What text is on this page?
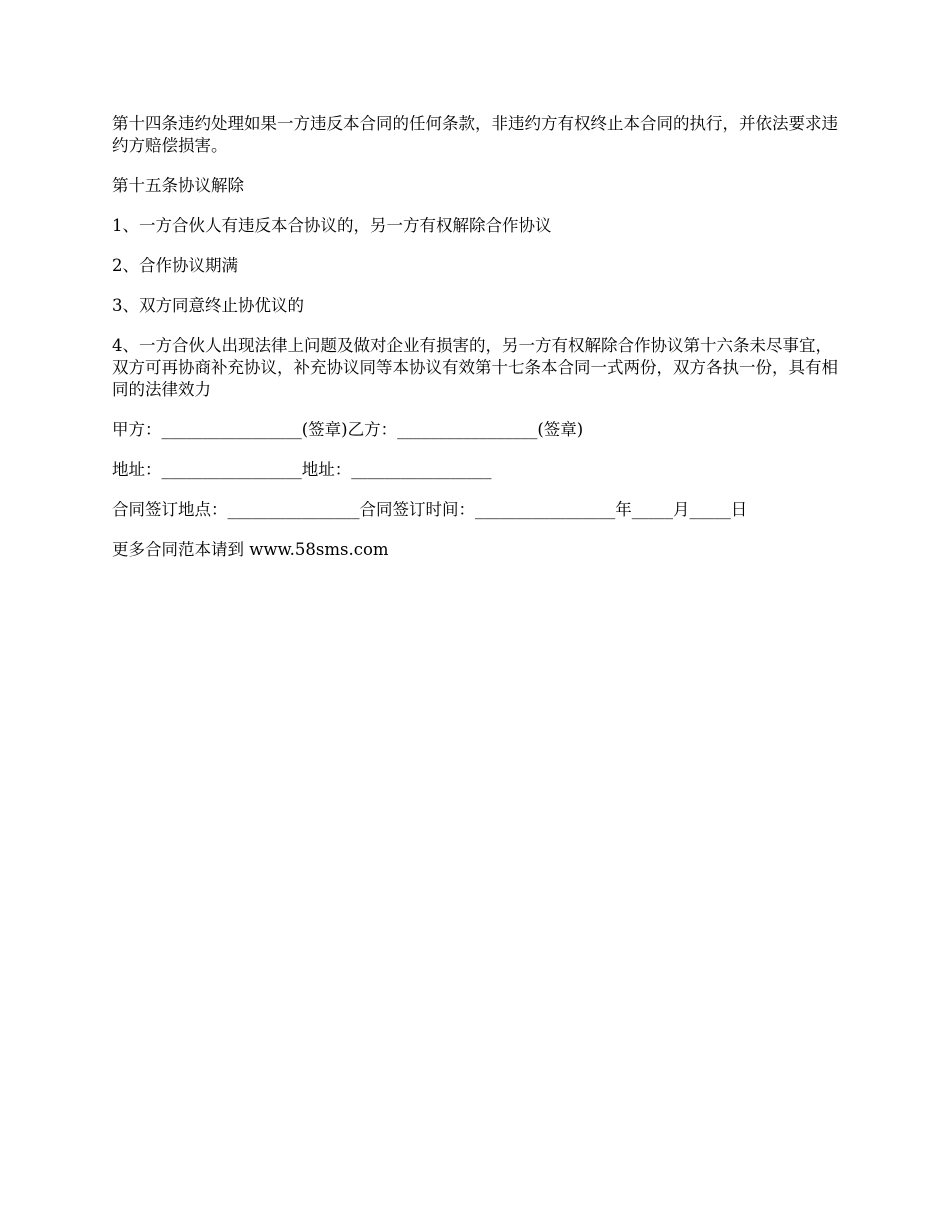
第十四条违约处理如果一方违反本合同的任何条款，非违约方有权终止本合同的执行，并依法要求违约方赔偿损害。

第十五条协议解除

1、一方合伙人有违反本合协议的，另一方有权解除合作协议

2、合作协议期满

3、双方同意终止协优议的

4、一方合伙人出现法律上问题及做对企业有损害的，另一方有权解除合作协议第十六条未尽事宜，双方可再协商补充协议，补充协议同等本协议有效第十七条本合同一式两份，双方各执一份，具有相同的法律效力

甲方：_________________(签章)乙方：_________________(签章)

地址：_________________地址：_________________

合同签订地点：________________合同签订时间：_________________年_____月_____日

更多合同范本请到 www.58sms.com
